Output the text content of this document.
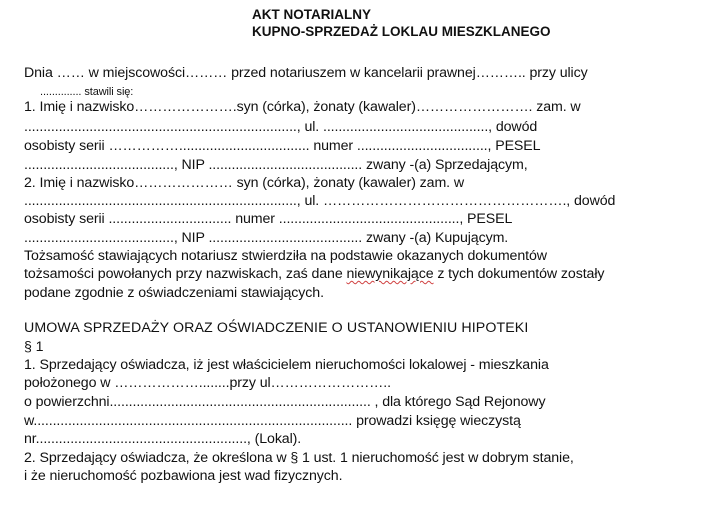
AKT NOTARIALNY

KUPNO-SPRZEDAŻ LOKLAU MIESZKLANEGO

Dnia …… w miejscowości……… przed notariuszem w kancelarii prawnej……….. przy ulicy

.............. stawili się:

1. Imię i nazwisko………………….syn (córka), żonaty (kawaler)……………………. zam. w

......................................................................., ul. ..........................................., dowód

osobisty serii …………….................................. numer .................................., PESEL

......................................., NIP ........................................ zwany -(a) Sprzedającym,

2. Imię i nazwisko………………… syn (córka), żonaty (kawaler) zam. w

......................................................................., ul. ……………………………………………., dowód

osobisty serii ................................ numer ..............................................., PESEL

......................................., NIP ........................................ zwany -(a) Kupującym.

Tożsamość stawiających notariusz stwierdziła na podstawie okazanych dokumentów

tożsamości powołanych przy nazwiskach, zaś dane niewynikające z tych dokumentów zostały

podane zgodnie z oświadczeniami stawiających.

UMOWA SPRZEDAŻY ORAZ OŚWIADCZENIE O USTANOWIENIU HIPOTEKI

§ 1

1. Sprzedający oświadcza, iż jest właścicielem nieruchomości lokalowej - mieszkania

położonego w ………………........przy ul……………………..

o powierzchni.................................................................... , dla którego Sąd Rejonowy

w................................................................................... prowadzi księgę wieczystą

nr......................................................., (Lokal).

2. Sprzedający oświadcza, że określona w § 1 ust. 1 nieruchomość jest w dobrym stanie,

i że nieruchomość pozbawiona jest wad fizycznych.
